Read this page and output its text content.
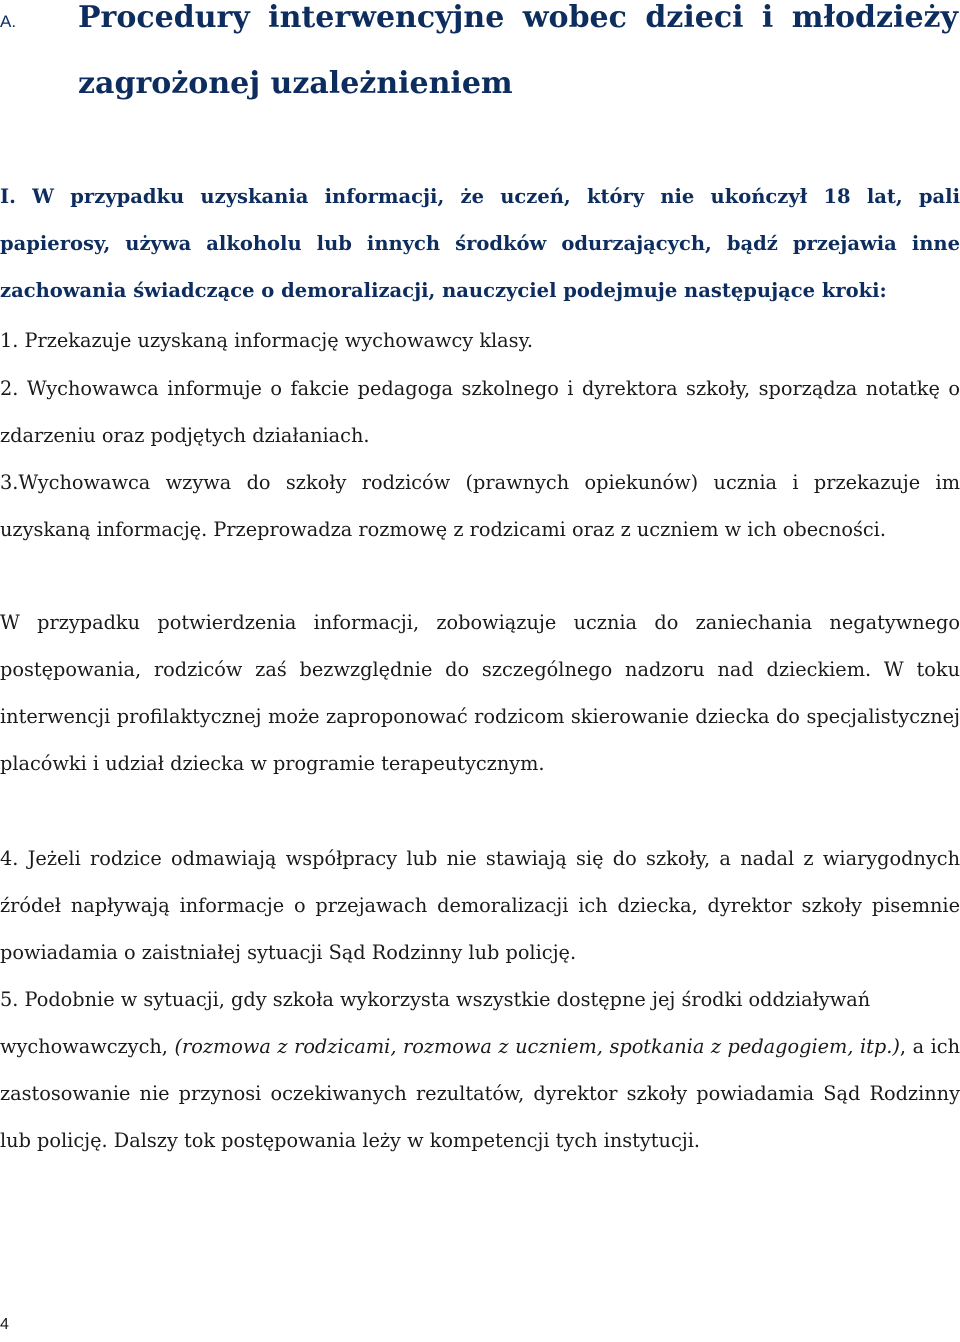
A. Procedury interwencyjne wobec dzieci i młodzieży
zagrożonej uzależnieniem

I. W przypadku uzyskania informacji, że uczeń, który nie ukończył 18 lat, pali papierosy, używa alkoholu lub innych środków odurzających, bądź przejawia inne zachowania świadczące o demoralizacji, nauczyciel podejmuje następujące kroki:

1. Przekazuje uzyskaną informację wychowawcy klasy.

2. Wychowawca informuje o fakcie pedagoga szkolnego i dyrektora szkoły, sporządza notatkę o zdarzeniu oraz podjętych działaniach.

3.Wychowawca wzywa do szkoły rodziców (prawnych opiekunów) ucznia i przekazuje im uzyskaną informację. Przeprowadza rozmowę z rodzicami oraz z uczniem w ich obecności.

W przypadku potwierdzenia informacji, zobowiązuje ucznia do zaniechania negatywnego postępowania, rodziców zaś bezwzględnie do szczególnego nadzoru nad dzieckiem. W toku interwencji profilaktycznej może zaproponować rodzicom skierowanie dziecka do specjalistycznej placówki i udział dziecka w programie terapeutycznym.

4. Jeżeli rodzice odmawiają współpracy lub nie stawiają się do szkoły, a nadal z wiarygodnych źródeł napływają informacje o przejawach demoralizacji ich dziecka, dyrektor szkoły pisemnie powiadamia o zaistniałej sytuacji Sąd Rodzinny lub policję.

5. Podobnie w sytuacji, gdy szkoła wykorzysta wszystkie dostępne jej środki oddziaływań
wychowawczych, (rozmowa z rodzicami, rozmowa z uczniem, spotkania z pedagogiem, itp.), a ich zastosowanie nie przynosi oczekiwanych rezultatów, dyrektor szkoły powiadamia Sąd Rodzinny lub policję. Dalszy tok postępowania leży w kompetencji tych instytucji.

4
